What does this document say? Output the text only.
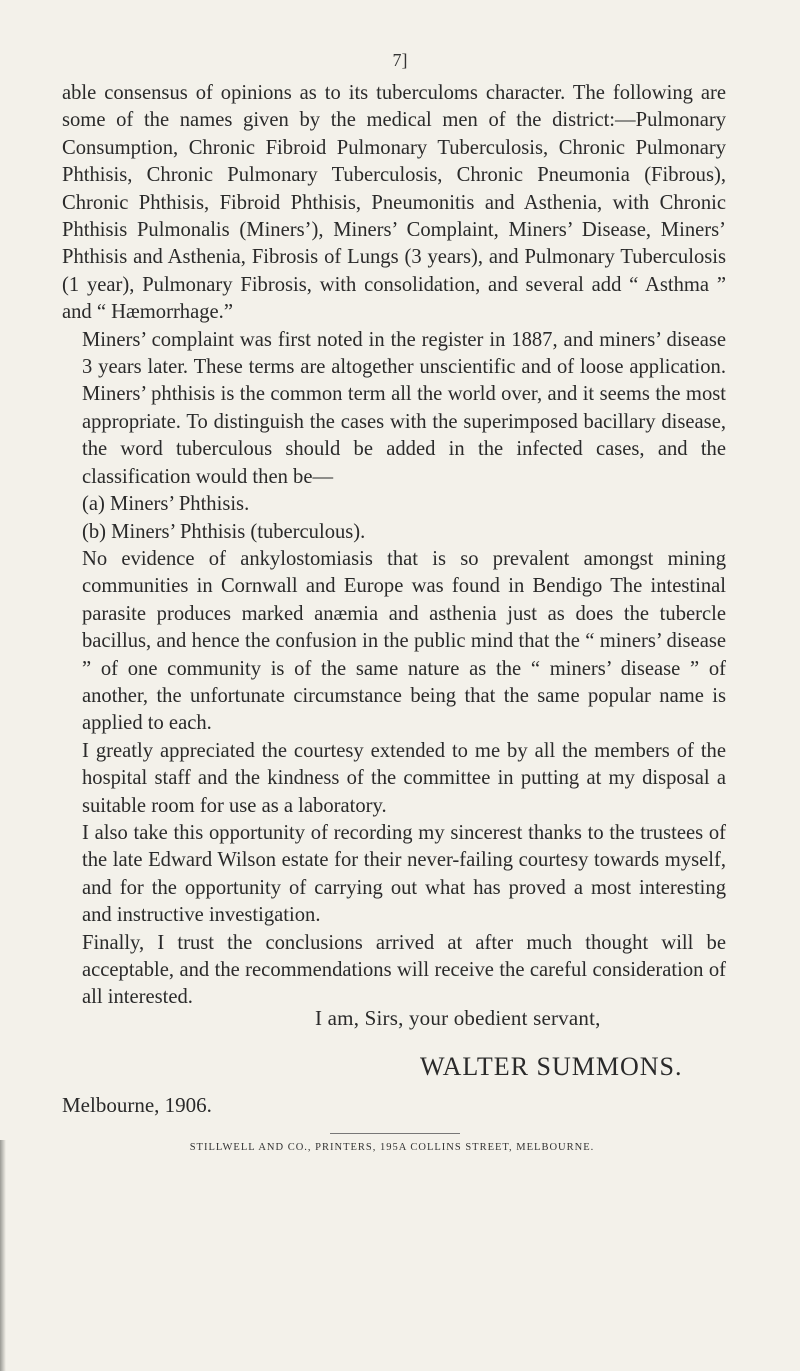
7]

able consensus of opinions as to its tuberculoms character. The following are some of the names given by the medical men of the district:—Pulmonary Consumption, Chronic Fibroid Pulmonary Tuberculosis, Chronic Pulmonary Phthisis, Chronic Pulmonary Tuberculosis, Chronic Pneumonia (Fibrous), Chronic Phthisis, Fibroid Phthisis, Pneumonitis and Asthenia, with Chronic Phthisis Pulmonalis (Miners’), Miners’ Complaint, Miners’ Disease, Miners’ Phthisis and Asthenia, Fibrosis of Lungs (3 years), and Pulmonary Tuberculosis (1 year), Pulmonary Fibrosis, with consolidation, and several add “ Asthma ” and “ Hæmorrhage.”

Miners’ complaint was first noted in the register in 1887, and miners’ disease 3 years later. These terms are altogether unscientific and of loose application. Miners’ phthisis is the common term all the world over, and it seems the most appropriate. To distinguish the cases with the superimposed bacillary disease, the word tuberculous should be added in the infected cases, and the classification would then be—

(a) Miners’ Phthisis.

(b) Miners’ Phthisis (tuberculous).

No evidence of ankylostomiasis that is so prevalent amongst mining communities in Cornwall and Europe was found in Bendigo The intestinal parasite produces marked anæmia and asthenia just as does the tubercle bacillus, and hence the confusion in the public mind that the “ miners’ disease ” of one community is of the same nature as the “ miners’ disease ” of another, the unfortunate circumstance being that the same popular name is applied to each.

I greatly appreciated the courtesy extended to me by all the members of the hospital staff and the kindness of the committee in putting at my disposal a suitable room for use as a laboratory.

I also take this opportunity of recording my sincerest thanks to the trustees of the late Edward Wilson estate for their never-failing courtesy towards myself, and for the opportunity of carrying out what has proved a most interesting and instructive investigation.

Finally, I trust the conclusions arrived at after much thought will be acceptable, and the recommendations will receive the careful consideration of all interested.

I am, Sirs, your obedient servant,
WALTER SUMMONS.
Melbourne, 1906.
STILLWELL AND CO., PRINTERS, 195A COLLINS STREET, MELBOURNE.
